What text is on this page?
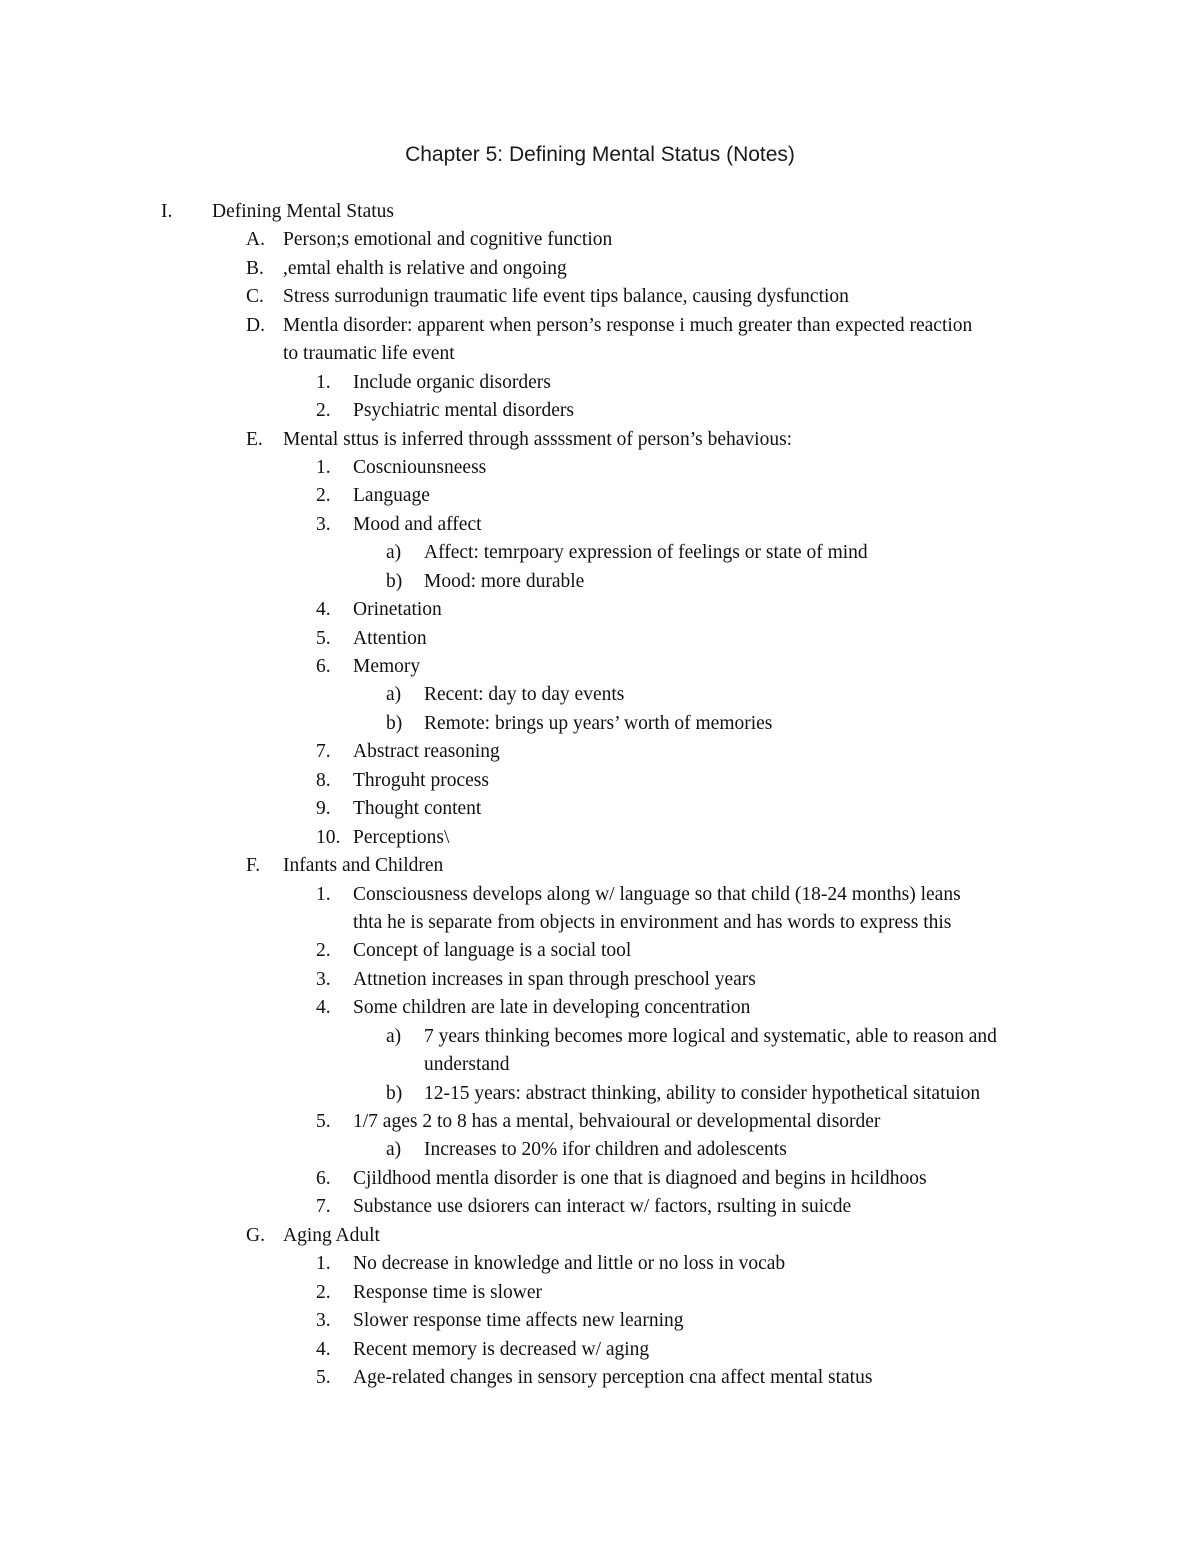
Chapter 5: Defining Mental Status (Notes)
I. Defining Mental Status
A. Person;s emotional and cognitive function
B. ,emtal ehalth is relative and ongoing
C. Stress surrodunign traumatic life event tips balance, causing dysfunction
D. Mentla disorder: apparent when person’s response i much greater than expected reaction
to traumatic life event
1. Include organic disorders
2. Psychiatric mental disorders
E. Mental sttus is inferred through assssment of person’s behavious:
1. Coscniounsneess
2. Language
3. Mood and affect
a) Affect: temrpoary expression of feelings or state of mind
b) Mood: more durable
4. Orinetation
5. Attention
6. Memory
a) Recent: day to day events
b) Remote: brings up years’ worth of memories
7. Abstract reasoning
8. Throguht process
9. Thought content
10. Perceptions\
F. Infants and Children
1. Consciousness develops along w/ language so that child (18-24 months) leans
thta he is separate from objects in environment and has words to express this
2. Concept of language is a social tool
3. Attnetion increases in span through preschool years
4. Some children are late in developing concentration
a) 7 years thinking becomes more logical and systematic, able to reason and
understand
b) 12-15 years: abstract thinking, ability to consider hypothetical sitatuion
5. 1/7 ages 2 to 8 has a mental, behvaioural or developmental disorder
a) Increases to 20% ifor children and adolescents
6. Cjildhood mentla disorder is one that is diagnoed and begins in hcildhoos
7. Substance use dsiorers can interact w/ factors, rsulting in suicde
G. Aging Adult
1. No decrease in knowledge and little or no loss in vocab
2. Response time is slower
3. Slower response time affects new learning
4. Recent memory is decreased w/ aging
5. Age-related changes in sensory perception cna affect mental status
